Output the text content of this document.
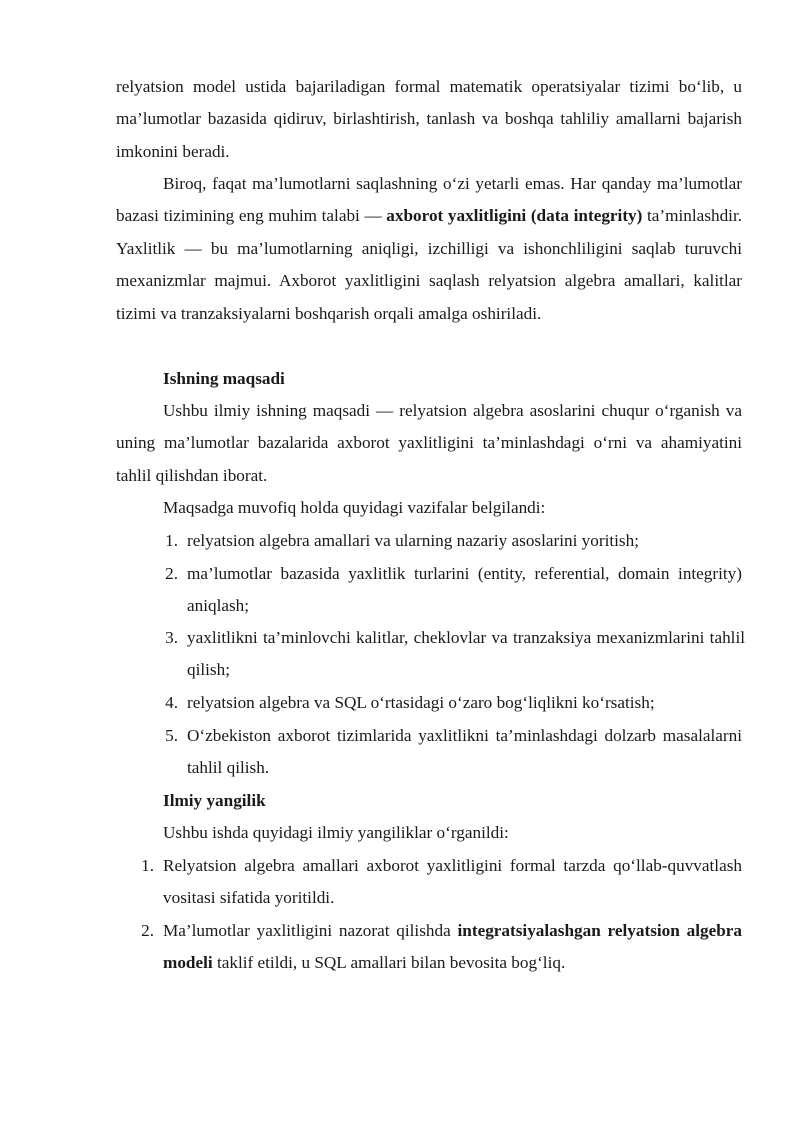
relyatsion model ustida bajariladigan formal matematik operatsiyalar tizimi bo‘lib, u ma’lumotlar bazasida qidiruv, birlashtirish, tanlash va boshqa tahliliy amallarni bajarish imkonini beradi.
Biroq, faqat ma’lumotlarni saqlashning o‘zi yetarli emas. Har qanday ma’lumotlar bazasi tizimining eng muhim talabi — axborot yaxlitligini (data integrity) ta’minlashdir. Yaxlitlik — bu ma’lumotlarning aniqligi, izchilligi va ishonchliligini saqlab turuvchi mexanizmlar majmui. Axborot yaxlitligini saqlash relyatsion algebra amallari, kalitlar tizimi va tranzaksiyalarni boshqarish orqali amalga oshiriladi.
Ishning maqsadi
Ushbu ilmiy ishning maqsadi — relyatsion algebra asoslarini chuqur o‘rganish va uning ma’lumotlar bazalarida axborot yaxlitligini ta’minlashdagi o‘rni va ahamiyatini tahlil qilishdan iborat.
Maqsadga muvofiq holda quyidagi vazifalar belgilandi:
1. relyatsion algebra amallari va ularning nazariy asoslarini yoritish;
2. ma’lumotlar bazasida yaxlitlik turlarini (entity, referential, domain integrity) aniqlash;
3. yaxlitlikni ta’minlovchi kalitlar, cheklovlar va tranzaksiya mexanizmlarini tahlil qilish;
4. relyatsion algebra va SQL o‘rtasidagi o‘zaro bog‘liqlikni ko‘rsatish;
5. O‘zbekiston axborot tizimlarida yaxlitlikni ta’minlashdagi dolzarb masalalarni tahlil qilish.
Ilmiy yangilik
Ushbu ishda quyidagi ilmiy yangiliklar o‘rganildi:
1. Relyatsion algebra amallari axborot yaxlitligini formal tarzda qo‘llab-quvvatlash vositasi sifatida yoritildi.
2. Ma’lumotlar yaxlitligini nazorat qilishda integratsiyalashgan relyatsion algebra modeli taklif etildi, u SQL amallari bilan bevosita bog‘liq.
